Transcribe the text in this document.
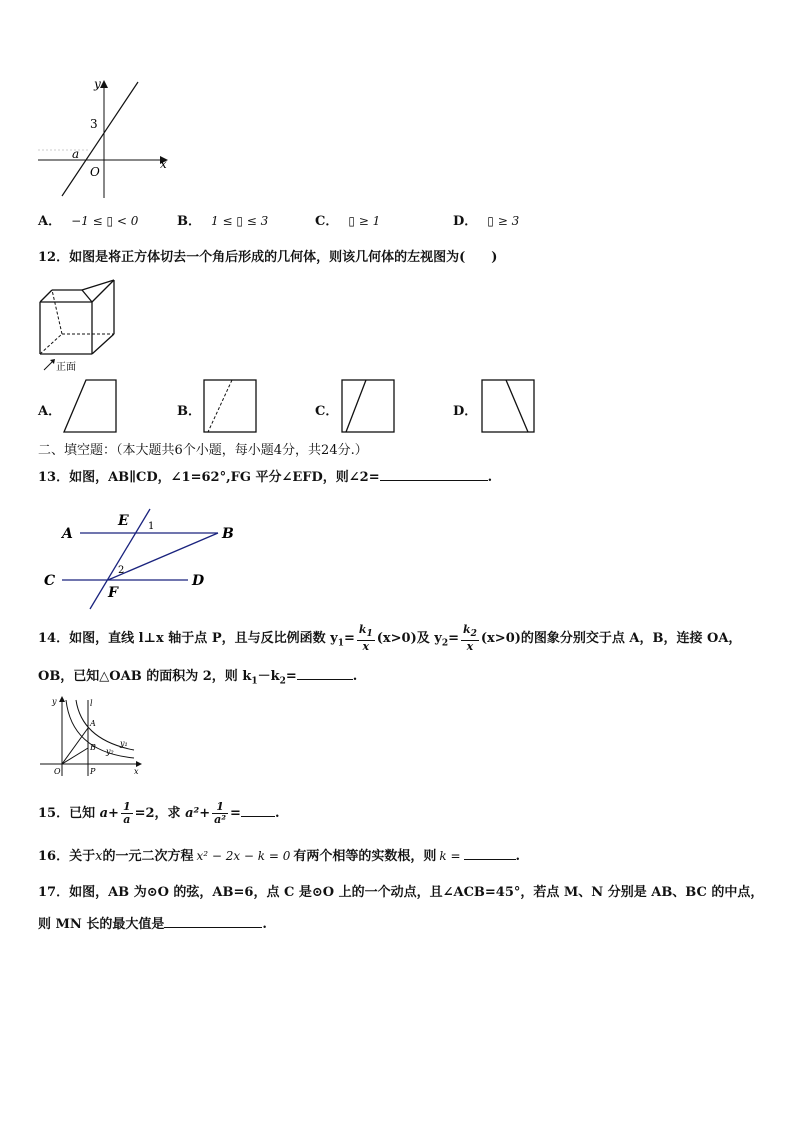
y
x
3
a
O
A． −1 ≤ ▯ < 0	B． 1 ≤ ▯ ≤ 3	C． ▯ ≥ 1	D． ▯ ≥ 3
12．如图是将正方体切去一个角后形成的几何体，则该几何体的左视图为(　　)
正面
A．	B．	C．	D．
二、填空题：（本大题共6个小题，每小题4分，共24分.）
13．如图，AB∥CD，∠1=62°,FG 平分∠EFD，则∠2=	.
A
E 1	B
C
2
F
D
14．如图，直线 l⊥x 轴于点 P，且与反比例函数 $y_1= \frac{k_1}{x} (x>0)$及 $y_2= \frac{k_2}{x} (x>0)$的图象分别交于点 A，B，连接 OA，
OB，已知△OAB 的面积为 2，则 $k_1-k_2=$	.
y	l
A
B	y₁
y₂
O	P	x
15．已知 $a+ \frac{1}{a} =2$，求 $a^2+ \frac{1}{\text{a²}}$ =	.
16．关于x的一元二次方程 x² − 2x − k = 0 有两个相等的实数根，则 k =	.
17．如图，AB 为⊙O 的弦，AB=6，点 C 是⊙O 上的一个动点，且∠ACB=45°，若点 M、N 分别是 AB、BC 的中点，
则 MN 长的最大值是	.
